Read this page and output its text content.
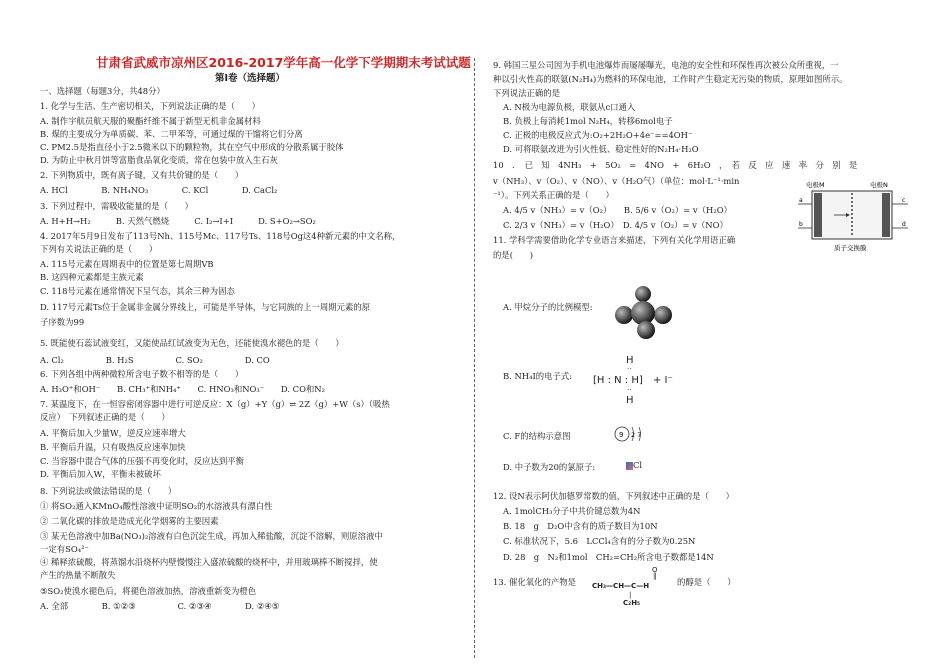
甘肃省武威市凉州区2016-2017学年高一化学下学期期末考试试题
第Ⅰ卷（选择题）
一、选择题（每题3分，共48分）
1. 化学与生活、生产密切相关，下列说法正确的是（　　）
A. 制作宇航员航天服的聚酯纤维不属于新型无机非金属材料
B. 煤的主要成分为单质碳、苯、二甲苯等，可通过煤的干馏将它们分离
C. PM2.5是指直径小于2.5微米以下的颗粒物，其在空气中形成的分散系属于胶体
D. 为防止中秋月饼等富脂食品氧化变质，常在包装中放入生石灰
2. 下列物质中，既有离子键，又有共价键的是（　　）
A. HCl　　　　B. NH₄NO₃　　　　C. KCl　　　　D. CaCl₂
3. 下列过程中，需吸收能量的是（　　）
A. H+H→H₂　　　B. 天然气燃烧　　　C. I₂→I+I　　　D. S+O₂→SO₂
4. 2017年5月9日发布了113号Nh、115号Mc、117号Ts、118号Og这4种新元素的中文名称，
下列有关说法正确的是（　　）
A. 115号元素在周期表中的位置是第七周期VB
B. 这四种元素都是主族元素
C. 118号元素在通常情况下呈气态，其余三种为固态
D. 117号元素Ts位于金属非金属分界线上，可能是半导体，与它同族的上一周期元素的原
子序数为99
5. 既能使石蕊试液变红，又能使品红试液变为无色，还能使溴水褪色的是（　　）
A. Cl₂　　　　　B. H₂S　　　　　C. SO₂　　　　　D. CO
6. 下列各组中两种微粒所含电子数不相等的是（　　）
A. H₃O⁺和OH⁻　　B. CH₃⁺和NH₄⁺　　C. HNO₃和NO₃⁻　　D. CO和N₂
7. 某温度下，在一恒容密闭容器中进行可逆反应：X（g）+Y（g）⇌ 2Z（g）+W（s）（吸热
反应）　下列叙述正确的是（　　）
A. 平衡后加入少量W，逆反应速率增大
B. 平衡后升温，只有吸热反应速率加快
C. 当容器中混合气体的压强不再变化时，反应达到平衡
D. 平衡后加入W，平衡未被破坏
8. 下列说法或做法错误的是（　　）
① 将SO₂通入KMnO₄酸性溶液中证明SO₂的水溶液具有漂白性
② 二氧化碳的排放是造成光化学烟雾的主要因素
③ 某无色溶液中加Ba(NO₃)₂溶液有白色沉淀生成，再加入稀盐酸，沉淀不溶解，则原溶液中
一定有SO₄²⁻
④ 稀释浓硫酸，将蒸馏水沿烧杯内壁慢慢注入盛浓硫酸的烧杯中，并用玻璃棒不断搅拌，使
产生的热量不断散失
⑤SO₂使溴水褪色后，将褪色溶液加热，溶液重新变为橙色
A. 全部　　　　B. ①②③　　　　　C. ②③④　　　　D. ②④⑤
9. 韩国三星公司因为手机电池爆炸而屡屡曝光，电池的安全性和环保性再次被公众所重视，一
种以引火性高的联氨(N₂H₄)为燃料的环保电池，工作时产生稳定无污染的物质，原理如图所示。
下列说法正确的是
A. N极为电源负极，联氨从c口通入
B. 负极上每消耗1mol N₂H₄，转移6mol电子
C. 正极的电极反应式为:O₂+2H₂O+4e⁻==4OH⁻
D. 可将联氨改进为引火性低、稳定性好的N₂H₄·H₂O
10　．　已　知　4NH₃　+　5O₂　=　4NO　+　6H₂O　，　若　反　应　速　率　分　别　是
v（NH₃）、v（O₂）、v（NO）、v（H₂O气）（单位：mol·L⁻¹·min
⁻¹）。下列关系正确的是（　　）
A. 4/5 v（NH₃）= v（O₂）　　B. 5/6 v（O₂）= v（H₂O）
C. 2/3 v（NH₃）= v（H₂O）　D. 4/5 v（O₂）= v（NO）
11. 学科学需要借助化学专业语言来描述，下列有关化学用语正确
的是(　　)
A. 甲烷分子的比例模型:
B. NH₄I的电子式:
C. F的结构示意图
D. 中子数为20的氯原子:
12. 设N表示阿伏加德罗常数的值，下列叙述中正确的是（　　）
A. 1molCH₃分子中共价键总数为4N
B. 18　g　D₂O中含有的质子数目为10N
C. 标准状况下，5.6　LCCl₄含有的分子数为0.25N
D. 28　g　N₂和1mol　CH₂=CH₂所含电子数都是14N
13. 催化氧化的产物是	的醇是（　　）
电极M	电极N
a
b
c
d
质子交换膜
H
··
[H : N : H] + I⁻
··
H
9 2 7
Cl
O
‖
CH₃—CH—C—H
|
C₂H₅
